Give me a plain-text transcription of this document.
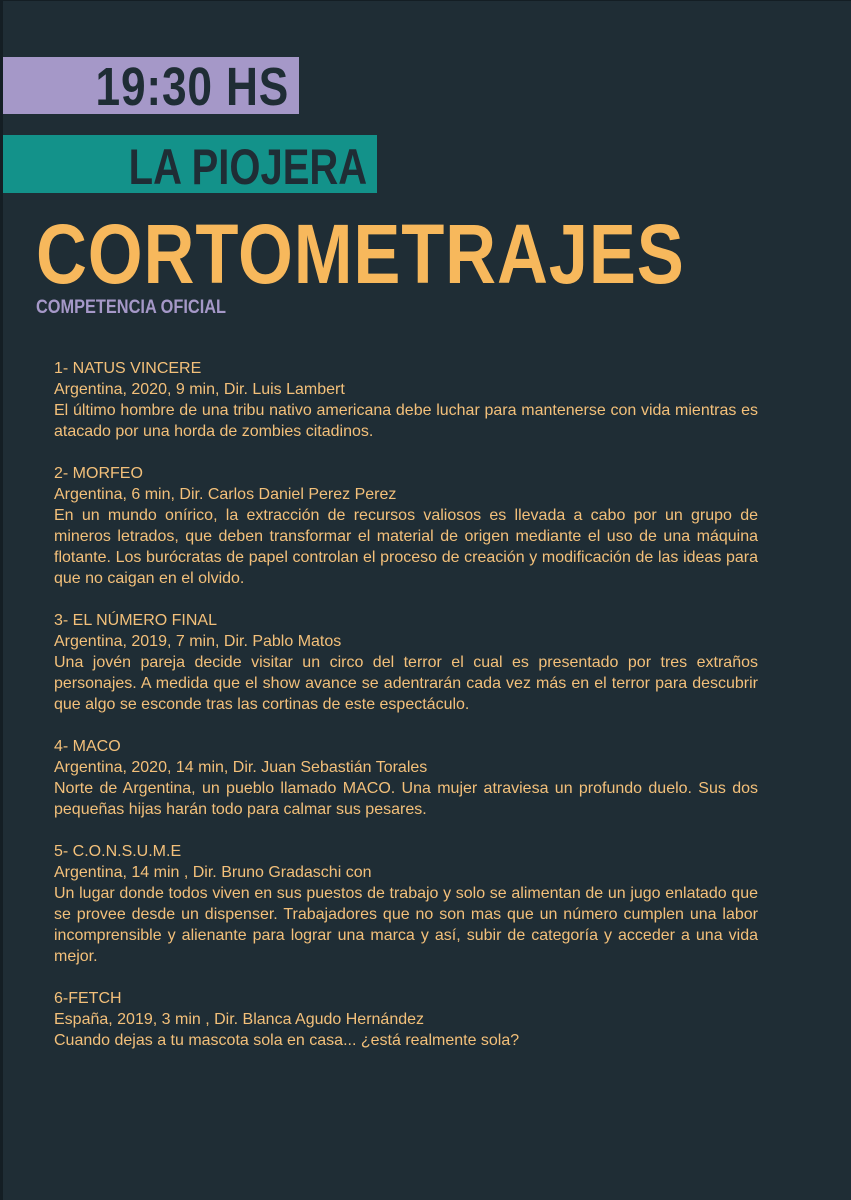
19:30 HS
LA PIOJERA
CORTOMETRAJES
COMPETENCIA OFICIAL
1- NATUS VINCERE
Argentina, 2020, 9 min, Dir. Luis Lambert
El último hombre de una tribu nativo americana debe luchar para mantenerse con vida mientras es atacado por una horda de zombies citadinos.
2- MORFEO
Argentina, 6 min, Dir. Carlos Daniel Perez Perez
En un mundo onírico, la extracción de recursos valiosos es llevada a cabo por un grupo de mineros letrados, que deben transformar el material de origen mediante el uso de una máquina flotante. Los burócratas de papel controlan el proceso de creación y modificación de las ideas para que no caigan en el olvido.
3- EL NÚMERO FINAL
Argentina, 2019, 7 min, Dir. Pablo Matos
Una jovén pareja decide visitar un circo del terror el cual es presentado por tres extraños personajes. A medida que el show avance se adentrarán cada vez más en el terror para descubrir que algo se esconde tras las cortinas de este espectáculo.
4- MACO
Argentina, 2020, 14 min, Dir. Juan Sebastián Torales
Norte de Argentina, un pueblo llamado MACO. Una mujer atraviesa un profundo duelo. Sus dos pequeñas hijas harán todo para calmar sus pesares.
5- C.O.N.S.U.M.E
Argentina, 14 min , Dir. Bruno Gradaschi con
Un lugar donde todos viven en sus puestos de trabajo y solo se alimentan de un jugo enlatado que se provee desde un dispenser. Trabajadores que no son mas que un número cumplen una labor incomprensible y alienante para lograr una marca y así, subir de categoría y acceder a una vida mejor.
6-FETCH
España, 2019, 3 min , Dir. Blanca Agudo Hernández
Cuando dejas a tu mascota sola en casa... ¿está realmente sola?
